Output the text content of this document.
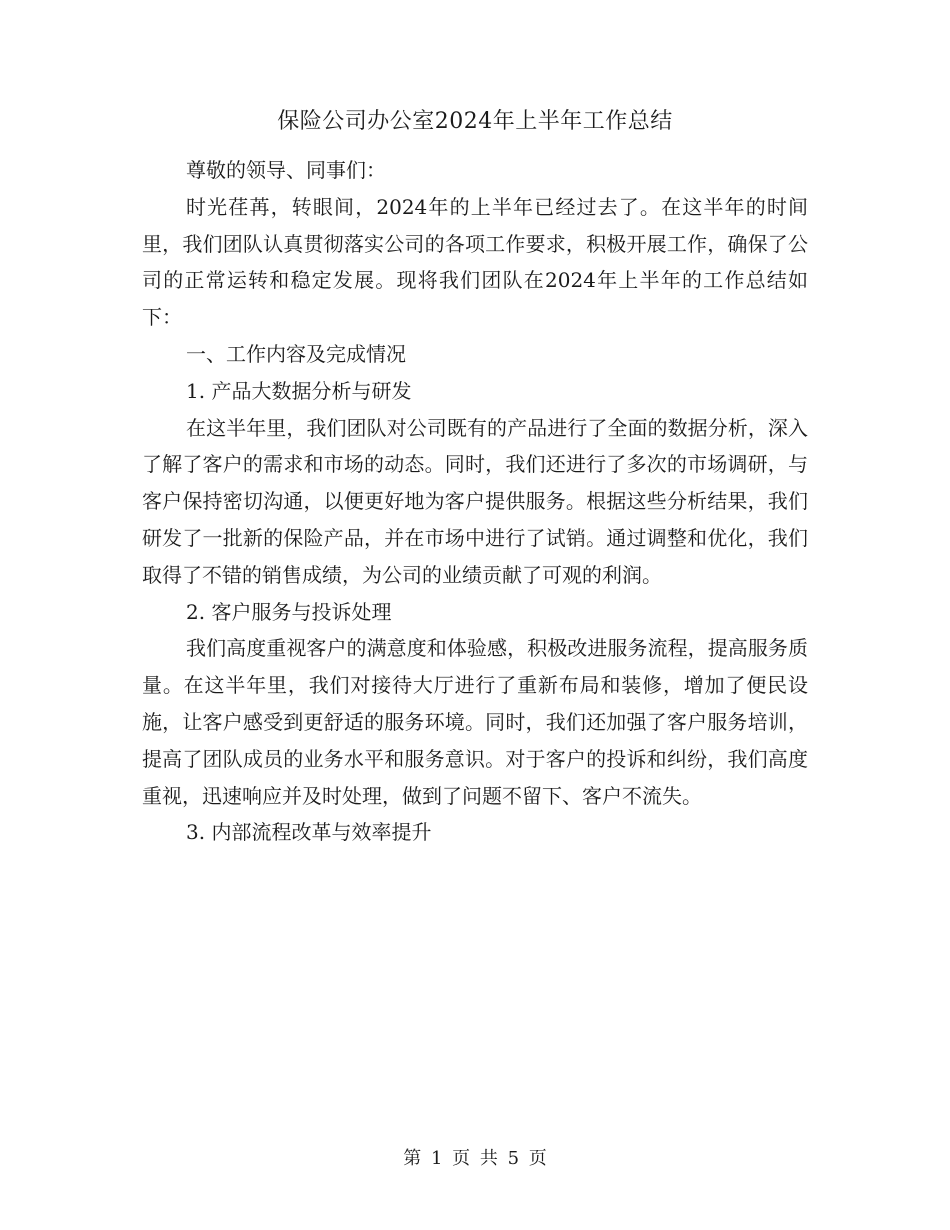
保险公司办公室2024年上半年工作总结

尊敬的领导、同事们：

时光荏苒，转眼间，2024年的上半年已经过去了。在这半年的时间里，我们团队认真贯彻落实公司的各项工作要求，积极开展工作，确保了公司的正常运转和稳定发展。现将我们团队在2024年上半年的工作总结如下：

一、工作内容及完成情况

1. 产品大数据分析与研发

在这半年里，我们团队对公司既有的产品进行了全面的数据分析，深入了解了客户的需求和市场的动态。同时，我们还进行了多次的市场调研，与客户保持密切沟通，以便更好地为客户提供服务。根据这些分析结果，我们研发了一批新的保险产品，并在市场中进行了试销。通过调整和优化，我们取得了不错的销售成绩，为公司的业绩贡献了可观的利润。

2. 客户服务与投诉处理

我们高度重视客户的满意度和体验感，积极改进服务流程，提高服务质量。在这半年里，我们对接待大厅进行了重新布局和装修，增加了便民设施，让客户感受到更舒适的服务环境。同时，我们还加强了客户服务培训，提高了团队成员的业务水平和服务意识。对于客户的投诉和纠纷，我们高度重视，迅速响应并及时处理，做到了问题不留下、客户不流失。

3. 内部流程改革与效率提升

第 1 页 共 5 页
